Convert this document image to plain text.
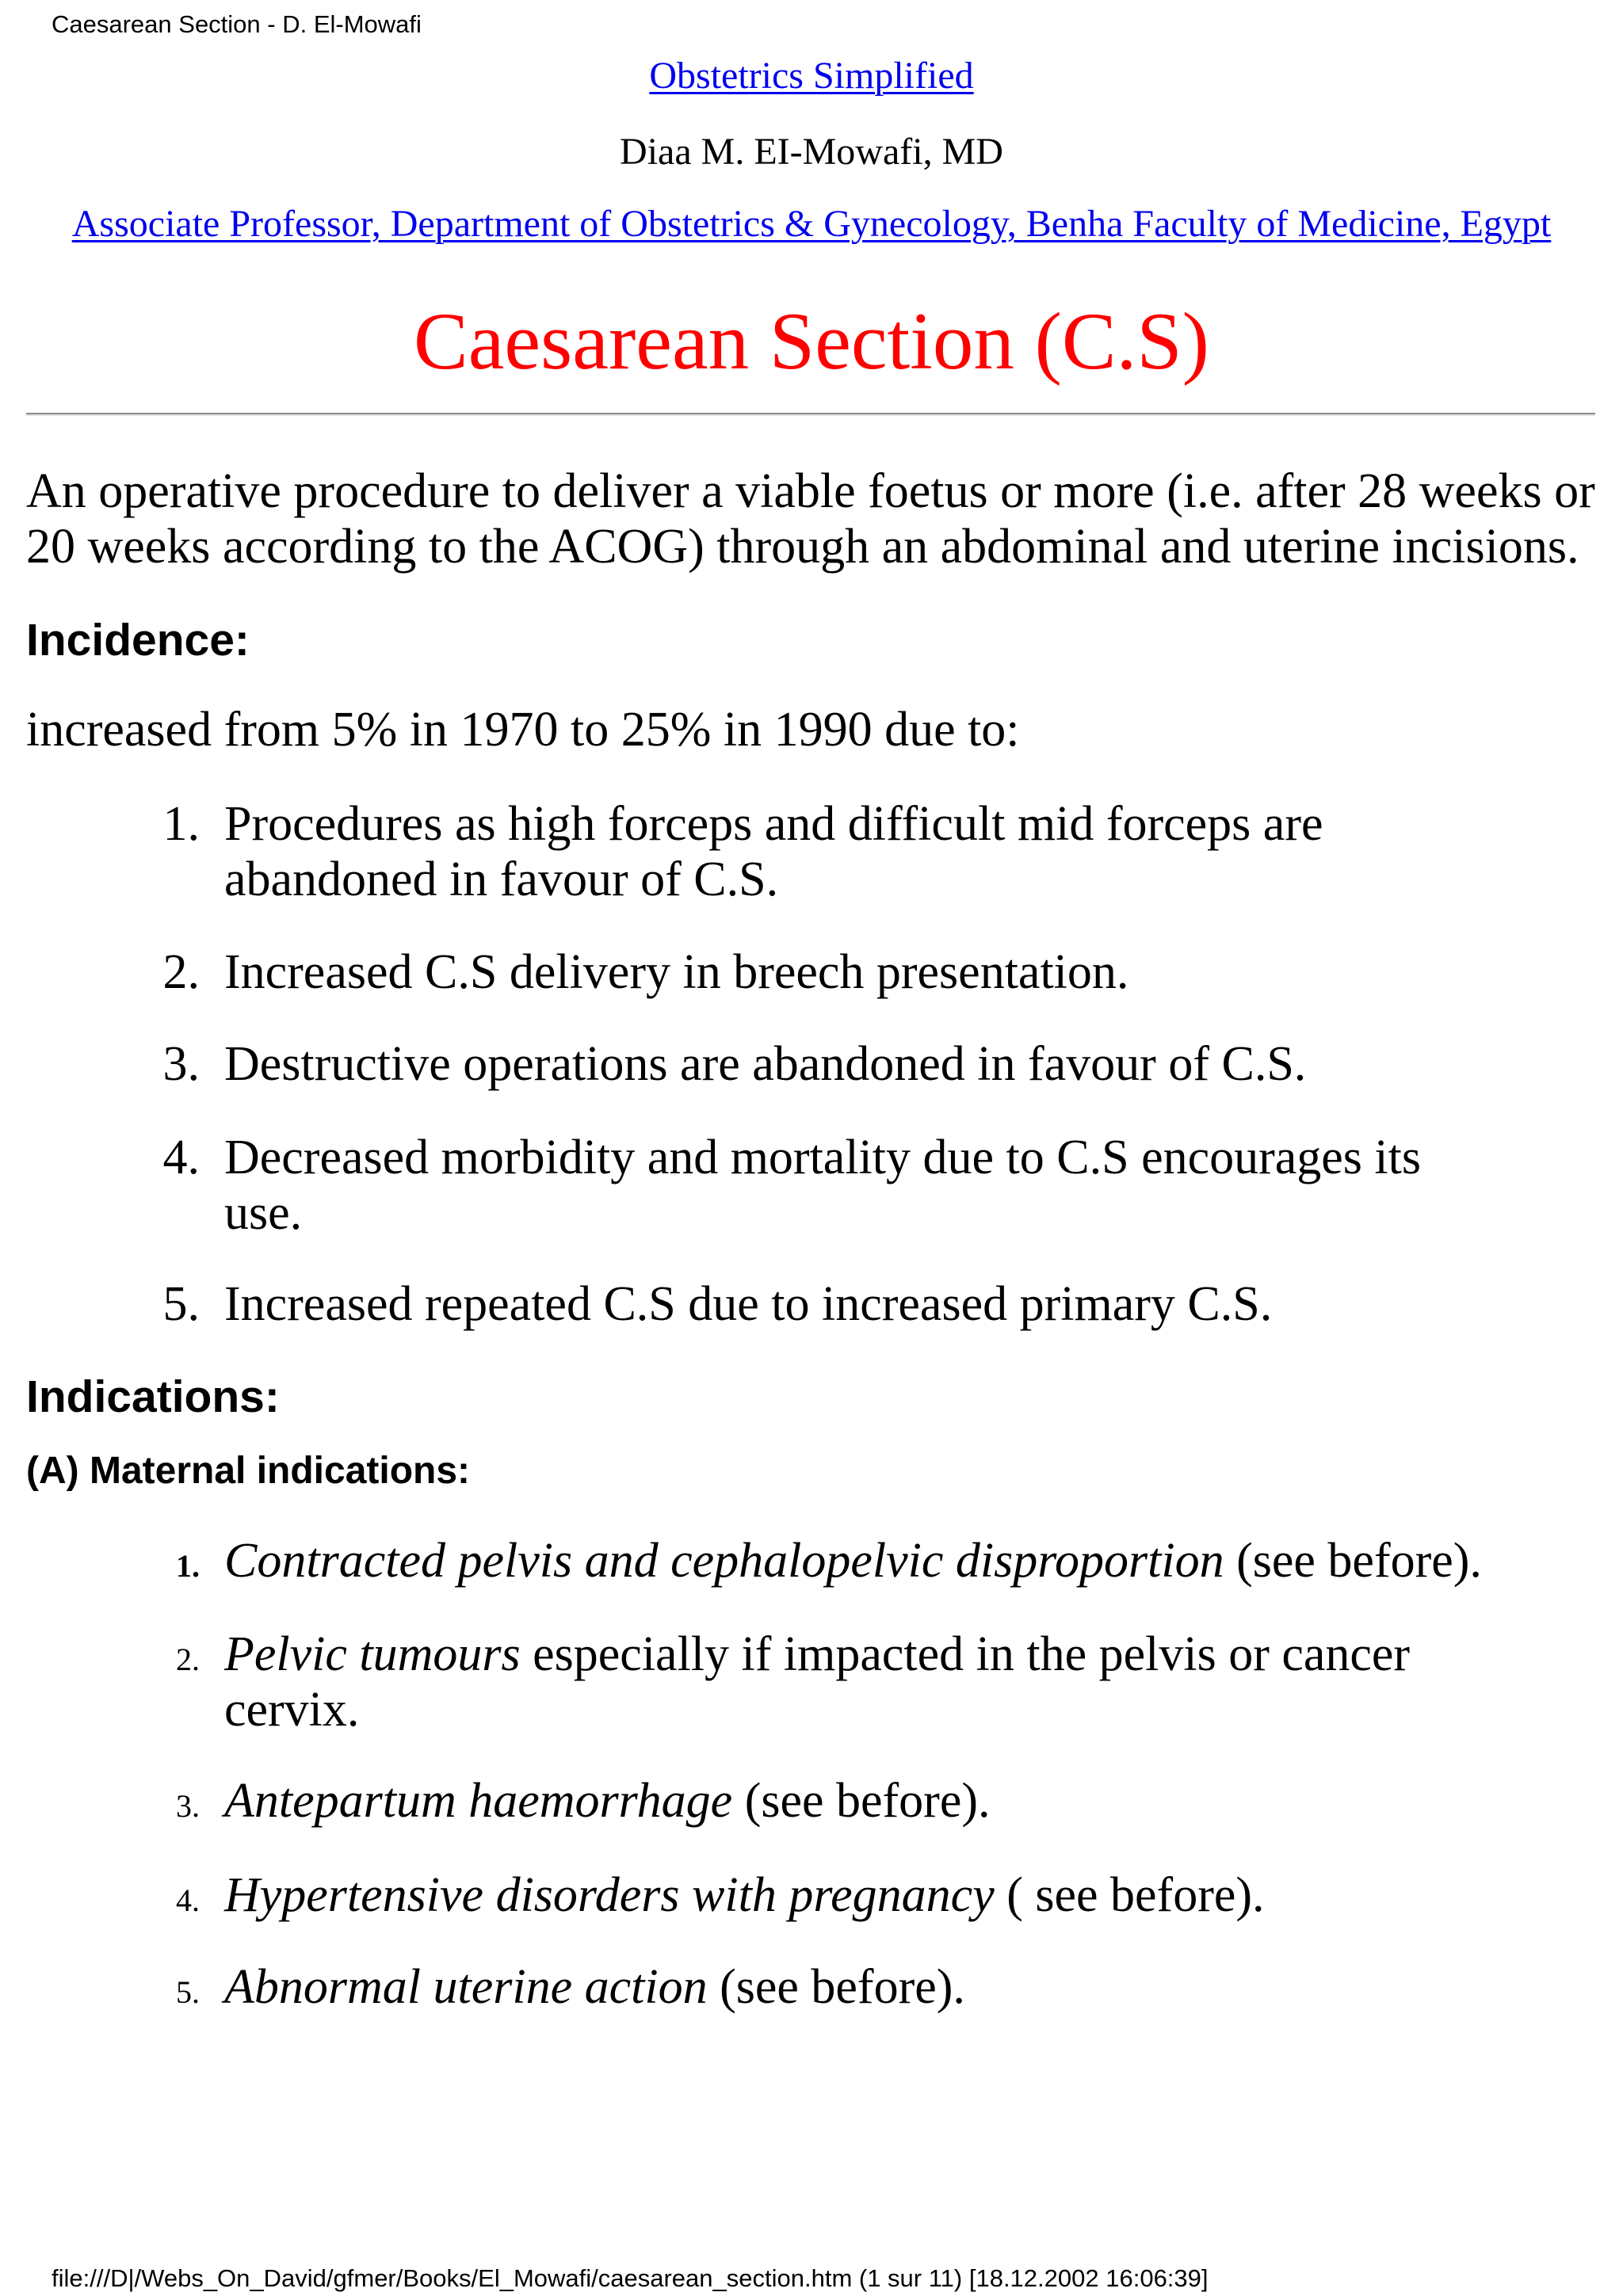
Caesarean Section - D. El-Mowafi
Obstetrics Simplified
Diaa M. EI-Mowafi, MD
Associate Professor, Department of Obstetrics & Gynecology, Benha Faculty of Medicine, Egypt
Caesarean Section (C.S)

An operative procedure to deliver a viable foetus or more (i.e. after 28 weeks or 20 weeks according to the ACOG) through an abdominal and uterine incisions.

Incidence:
increased from 5% in 1970 to 25% in 1990 due to:
1. Procedures as high forceps and difficult mid forceps are abandoned in favour of C.S.
2. Increased C.S delivery in breech presentation.
3. Destructive operations are abandoned in favour of C.S.
4. Decreased morbidity and mortality due to C.S encourages its use.
5. Increased repeated C.S due to increased primary C.S.
Indications:
(A) Maternal indications:
1. Contracted pelvis and cephalopelvic disproportion (see before).
2. Pelvic tumours especially if impacted in the pelvis or cancer cervix.
3. Antepartum haemorrhage (see before).
4. Hypertensive disorders with pregnancy ( see before).
5. Abnormal uterine action (see before).
file:///D|/Webs_On_David/gfmer/Books/El_Mowafi/caesarean_section.htm (1 sur 11) [18.12.2002 16:06:39]
